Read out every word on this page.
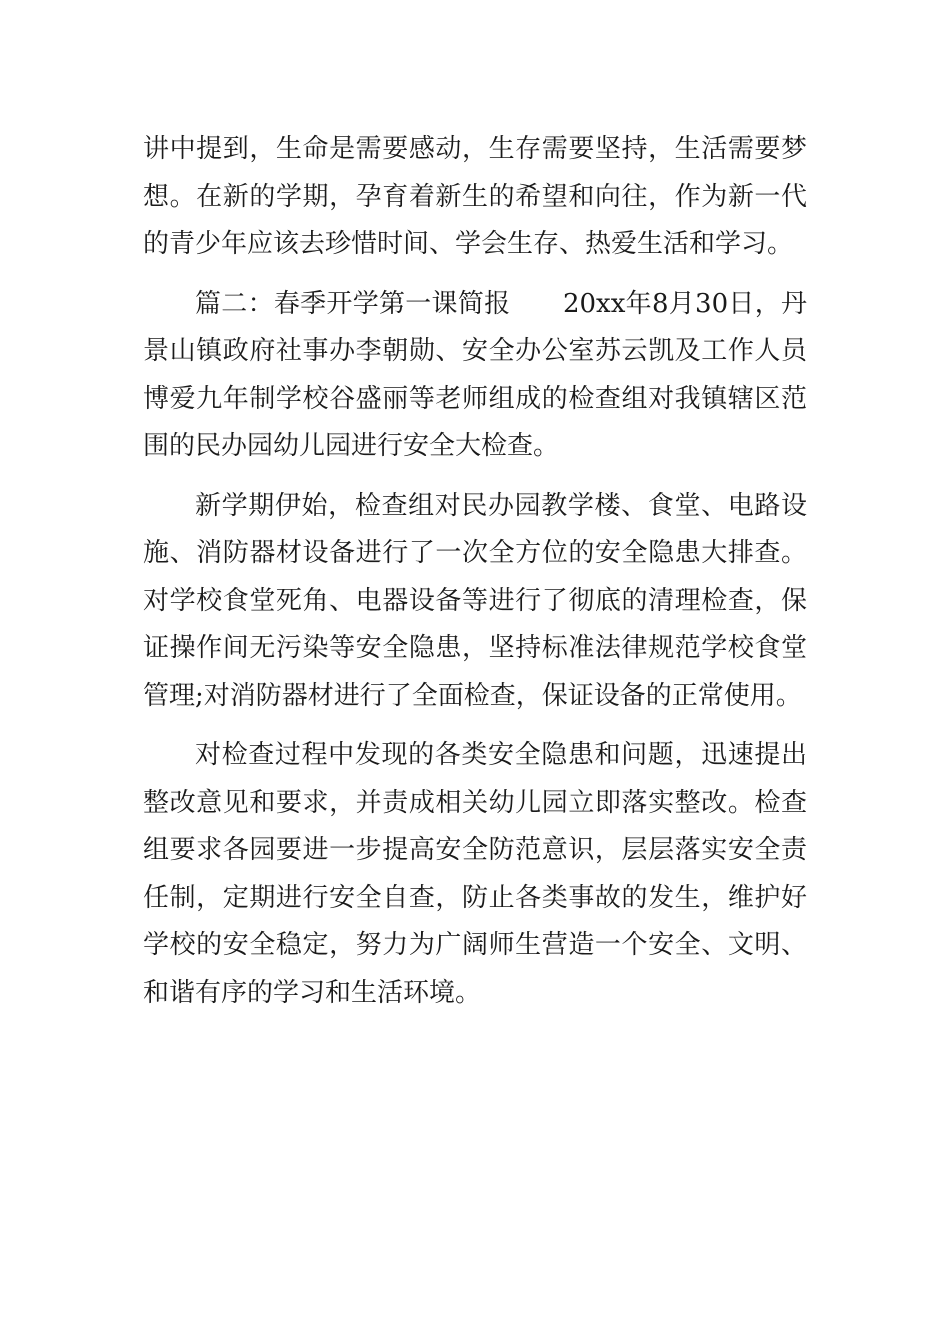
讲中提到，生命是需要感动，生存需要坚持，生活需要梦想。在新的学期，孕育着新生的希望和向往，作为新一代的青少年应该去珍惜时间、学会生存、热爱生活和学习。

篇二：春季开学第一课简报　　20xx年8月30日，丹景山镇政府社事办李朝勋、安全办公室苏云凯及工作人员博爱九年制学校谷盛丽等老师组成的检查组对我镇辖区范围的民办园幼儿园进行安全大检查。

新学期伊始，检查组对民办园教学楼、食堂、电路设施、消防器材设备进行了一次全方位的安全隐患大排查。对学校食堂死角、电器设备等进行了彻底的清理检查，保证操作间无污染等安全隐患，坚持标准法律规范学校食堂管理;对消防器材进行了全面检查，保证设备的正常使用。

对检查过程中发现的各类安全隐患和问题，迅速提出整改意见和要求，并责成相关幼儿园立即落实整改。检查组要求各园要进一步提高安全防范意识，层层落实安全责任制，定期进行安全自查，防止各类事故的发生，维护好学校的安全稳定，努力为广阔师生营造一个安全、文明、和谐有序的学习和生活环境。
